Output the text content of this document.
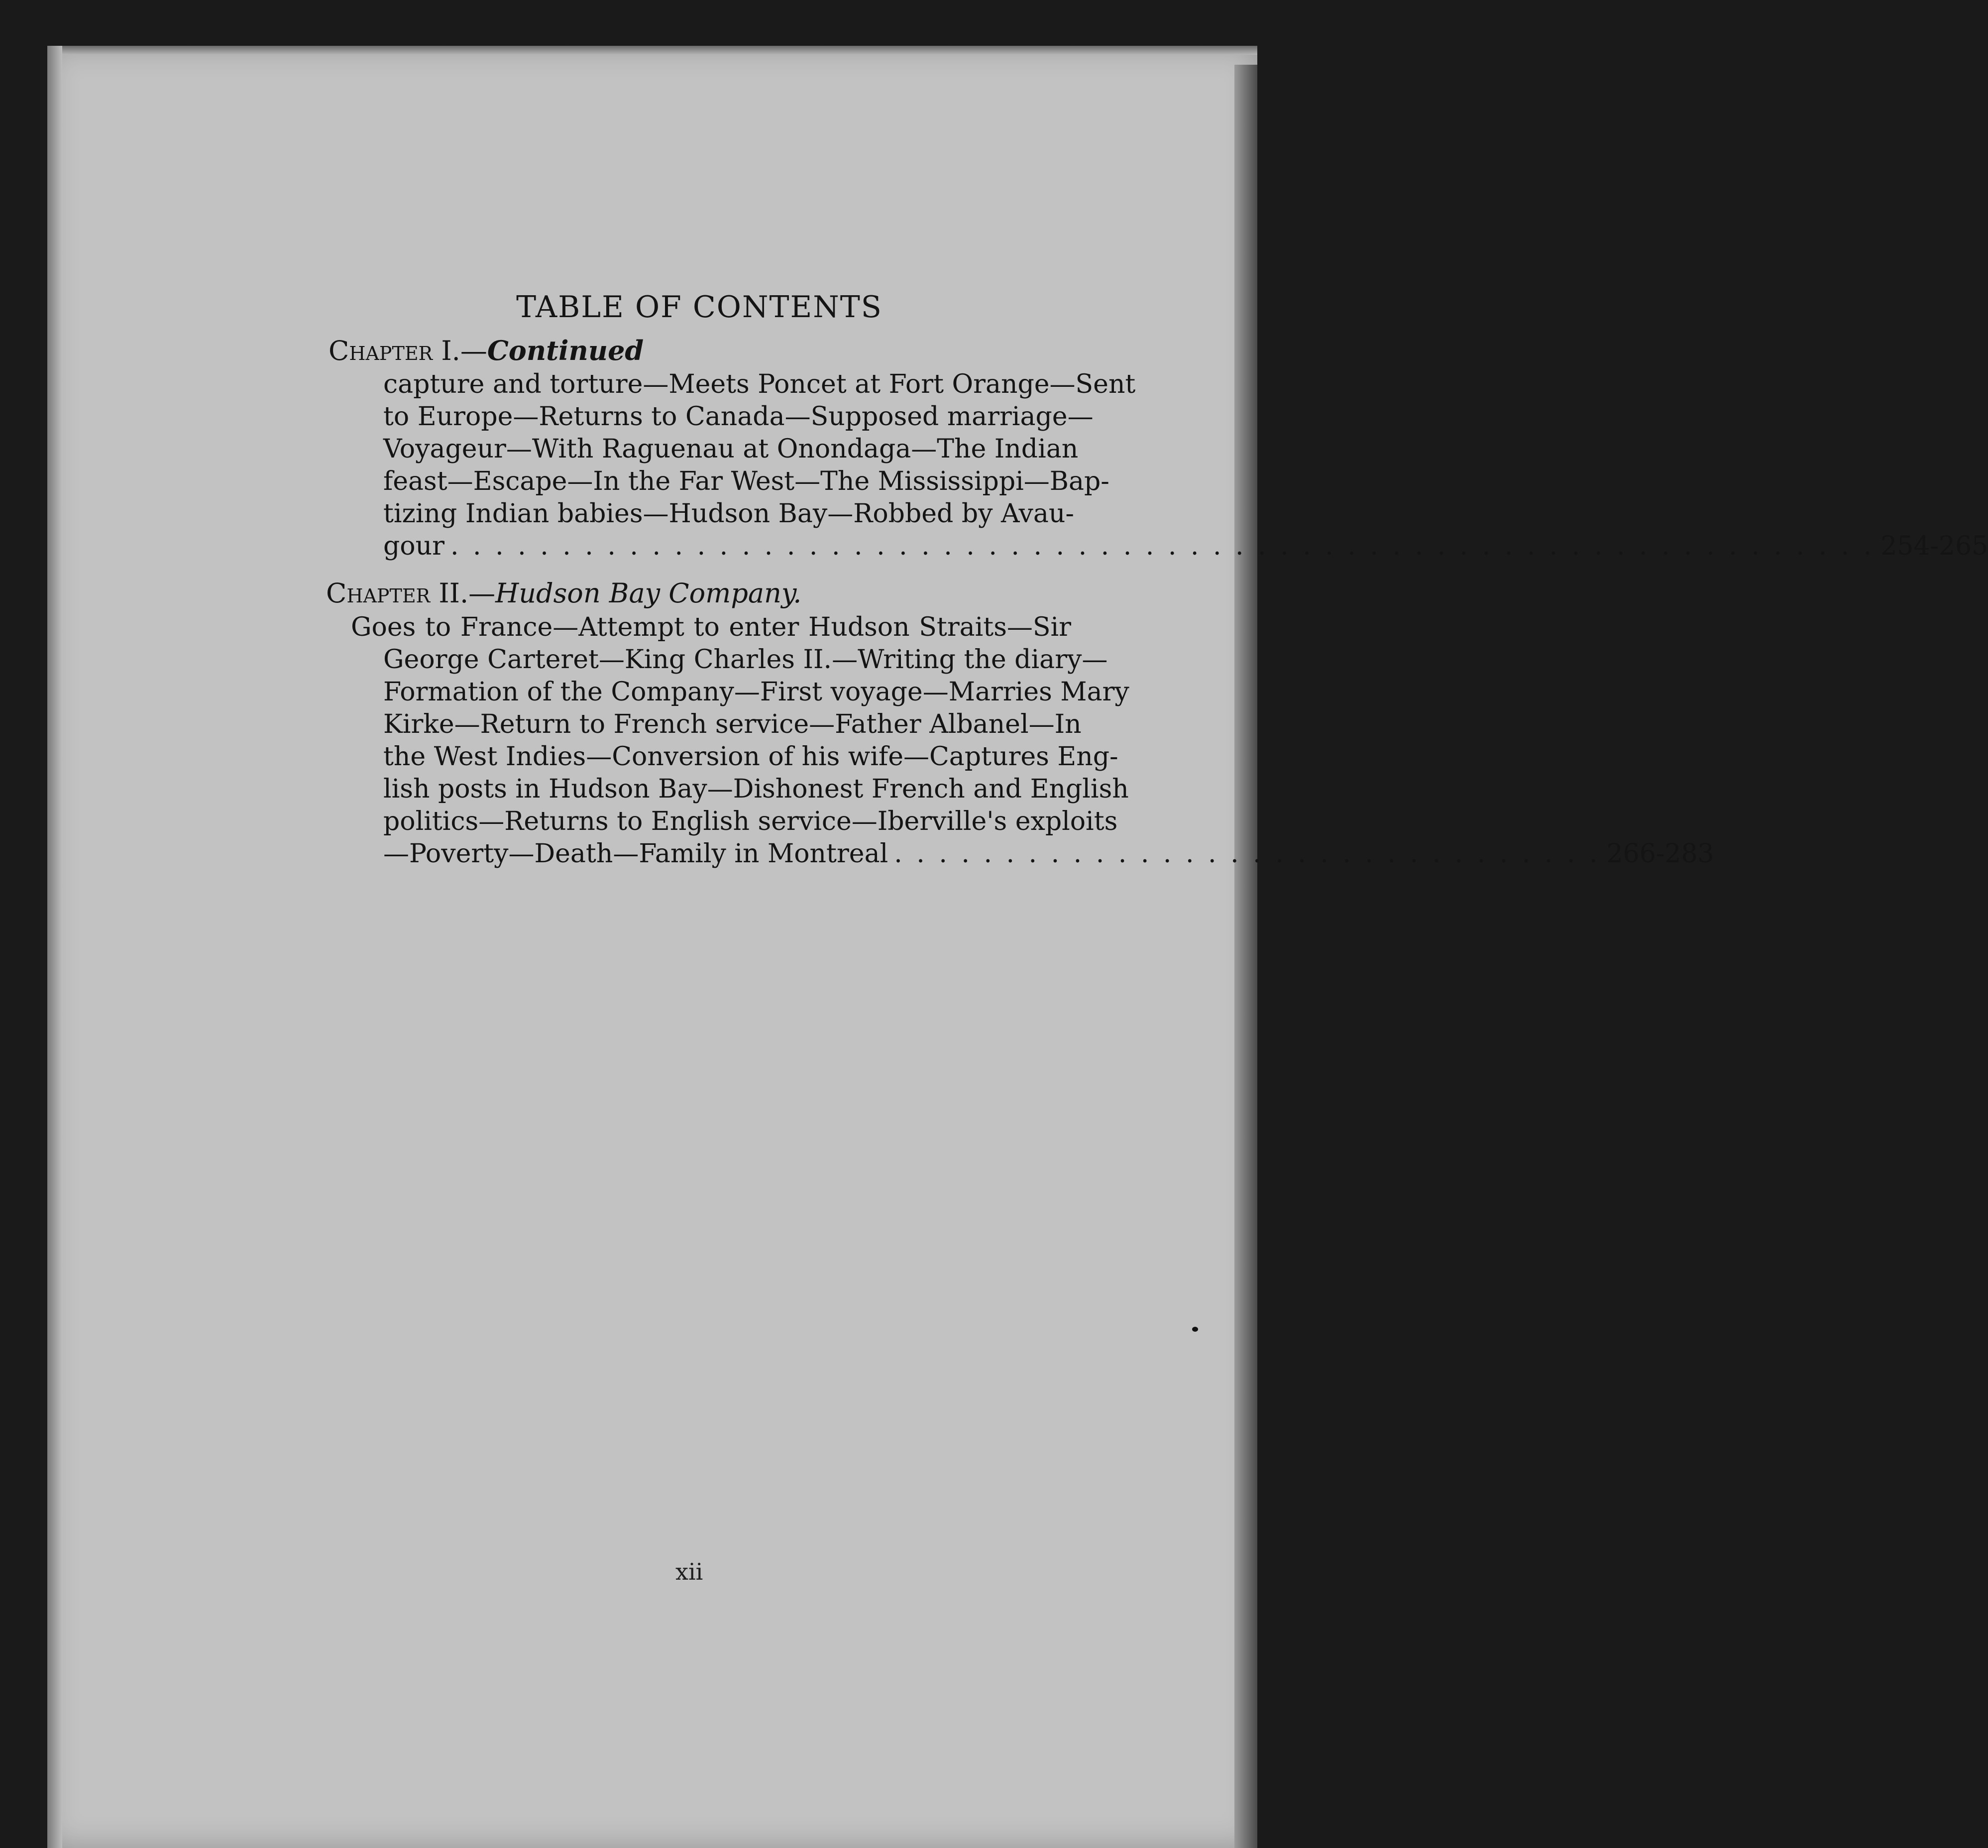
TABLE OF CONTENTS
Chapter I.—Continued
capture and torture—Meets Poncet at Fort Orange—Sent
to Europe—Returns to Canada—Supposed marriage—
Voyageur—With Raguenau at Onondaga—The Indian
feast—Escape—In the Far West—The Mississippi—Bap-
tizing Indian babies—Hudson Bay—Robbed by Avau-
gour . . . . . . . . . . . . . . . . . . . . . . . . . . . . . . . . . . . . . . . . . . . . . . . . . . . . . . . . . . . . . . . . 254-265
Chapter II.—Hudson Bay Company.
Goes to France—Attempt to enter Hudson Straits—Sir
George Carteret—King Charles II.—Writing the diary—
Formation of the Company—First voyage—Marries Mary
Kirke—Return to French service—Father Albanel—In
the West Indies—Conversion of his wife—Captures Eng-
lish posts in Hudson Bay—Dishonest French and English
politics—Returns to English service—Iberville's exploits
—Poverty—Death—Family in Montreal . . . . . . . . . . . . . . . . . . . . . . . . . . . . . . . . 266-283
xii
